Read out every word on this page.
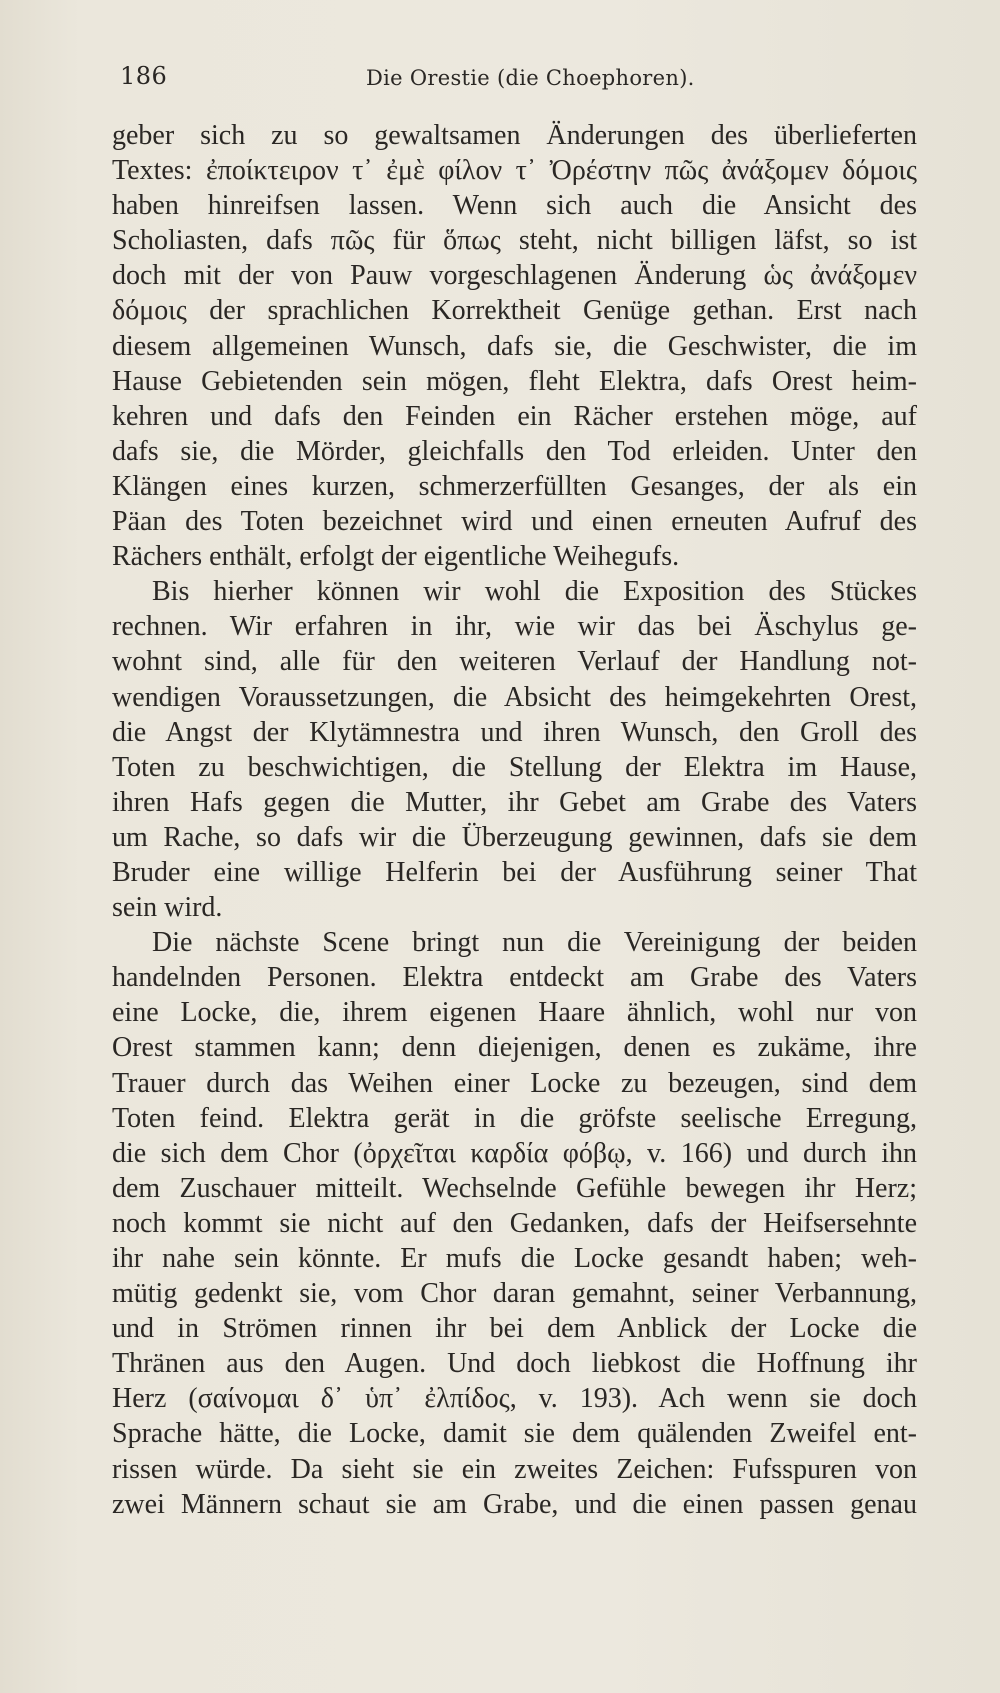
186	Die Orestie (die Choephoren).
geber sich zu so gewaltsamen Änderungen des überlieferten
Textes: ἐποίκτειρον τ᾽ ἐμὲ φίλον τ᾽ Ὀρέστην πῶς ἀνάξομεν δόμοις
haben hinreifsen lassen. Wenn sich auch die Ansicht des
Scholiasten, dafs πῶς für ὅπως steht, nicht billigen läfst, so ist
doch mit der von Pauw vorgeschlagenen Änderung ὡς ἀνάξομεν
δόμοις der sprachlichen Korrektheit Genüge gethan. Erst nach
diesem allgemeinen Wunsch, dafs sie, die Geschwister, die im
Hause Gebietenden sein mögen, fleht Elektra, dafs Orest heim-
kehren und dafs den Feinden ein Rächer erstehen möge, auf
dafs sie, die Mörder, gleichfalls den Tod erleiden. Unter den
Klängen eines kurzen, schmerzerfüllten Gesanges, der als ein
Päan des Toten bezeichnet wird und einen erneuten Aufruf des
Rächers enthält, erfolgt der eigentliche Weihegufs.
Bis hierher können wir wohl die Exposition des Stückes
rechnen. Wir erfahren in ihr, wie wir das bei Äschylus ge-
wohnt sind, alle für den weiteren Verlauf der Handlung not-
wendigen Voraussetzungen, die Absicht des heimgekehrten Orest,
die Angst der Klytämnestra und ihren Wunsch, den Groll des
Toten zu beschwichtigen, die Stellung der Elektra im Hause,
ihren Hafs gegen die Mutter, ihr Gebet am Grabe des Vaters
um Rache, so dafs wir die Überzeugung gewinnen, dafs sie dem
Bruder eine willige Helferin bei der Ausführung seiner That
sein wird.
Die nächste Scene bringt nun die Vereinigung der beiden
handelnden Personen. Elektra entdeckt am Grabe des Vaters
eine Locke, die, ihrem eigenen Haare ähnlich, wohl nur von
Orest stammen kann; denn diejenigen, denen es zukäme, ihre
Trauer durch das Weihen einer Locke zu bezeugen, sind dem
Toten feind. Elektra gerät in die gröfste seelische Erregung,
die sich dem Chor (ὀρχεῖται καρδία φόβῳ, v. 166) und durch ihn
dem Zuschauer mitteilt. Wechselnde Gefühle bewegen ihr Herz;
noch kommt sie nicht auf den Gedanken, dafs der Heifsersehnte
ihr nahe sein könnte. Er mufs die Locke gesandt haben; weh-
mütig gedenkt sie, vom Chor daran gemahnt, seiner Verbannung,
und in Strömen rinnen ihr bei dem Anblick der Locke die
Thränen aus den Augen. Und doch liebkost die Hoffnung ihr
Herz (σαίνομαι δ᾽ ὑπ᾽ ἐλπίδος, v. 193). Ach wenn sie doch
Sprache hätte, die Locke, damit sie dem quälenden Zweifel ent-
rissen würde. Da sieht sie ein zweites Zeichen: Fufsspuren von
zwei Männern schaut sie am Grabe, und die einen passen genau
